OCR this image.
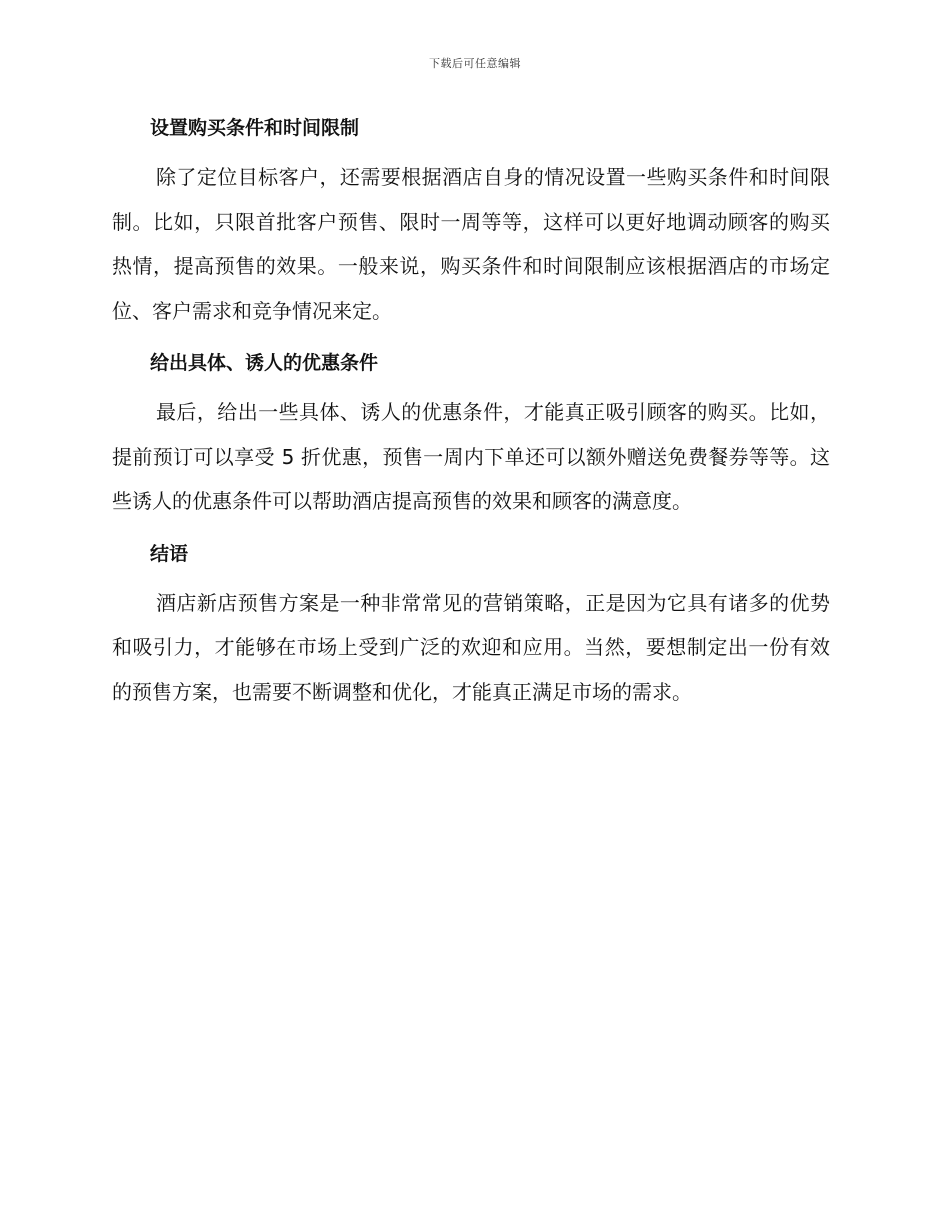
下载后可任意编辑
设置购买条件和时间限制

除了定位目标客户，还需要根据酒店自身的情况设置一些购买条件和时间限制。比如，只限首批客户预售、限时一周等等，这样可以更好地调动顾客的购买热情，提高预售的效果。一般来说，购买条件和时间限制应该根据酒店的市场定位、客户需求和竞争情况来定。

给出具体、诱人的优惠条件

最后，给出一些具体、诱人的优惠条件，才能真正吸引顾客的购买。比如，提前预订可以享受 5 折优惠，预售一周内下单还可以额外赠送免费餐券等等。这些诱人的优惠条件可以帮助酒店提高预售的效果和顾客的满意度。

结语

酒店新店预售方案是一种非常常见的营销策略，正是因为它具有诸多的优势和吸引力，才能够在市场上受到广泛的欢迎和应用。当然，要想制定出一份有效的预售方案，也需要不断调整和优化，才能真正满足市场的需求。
